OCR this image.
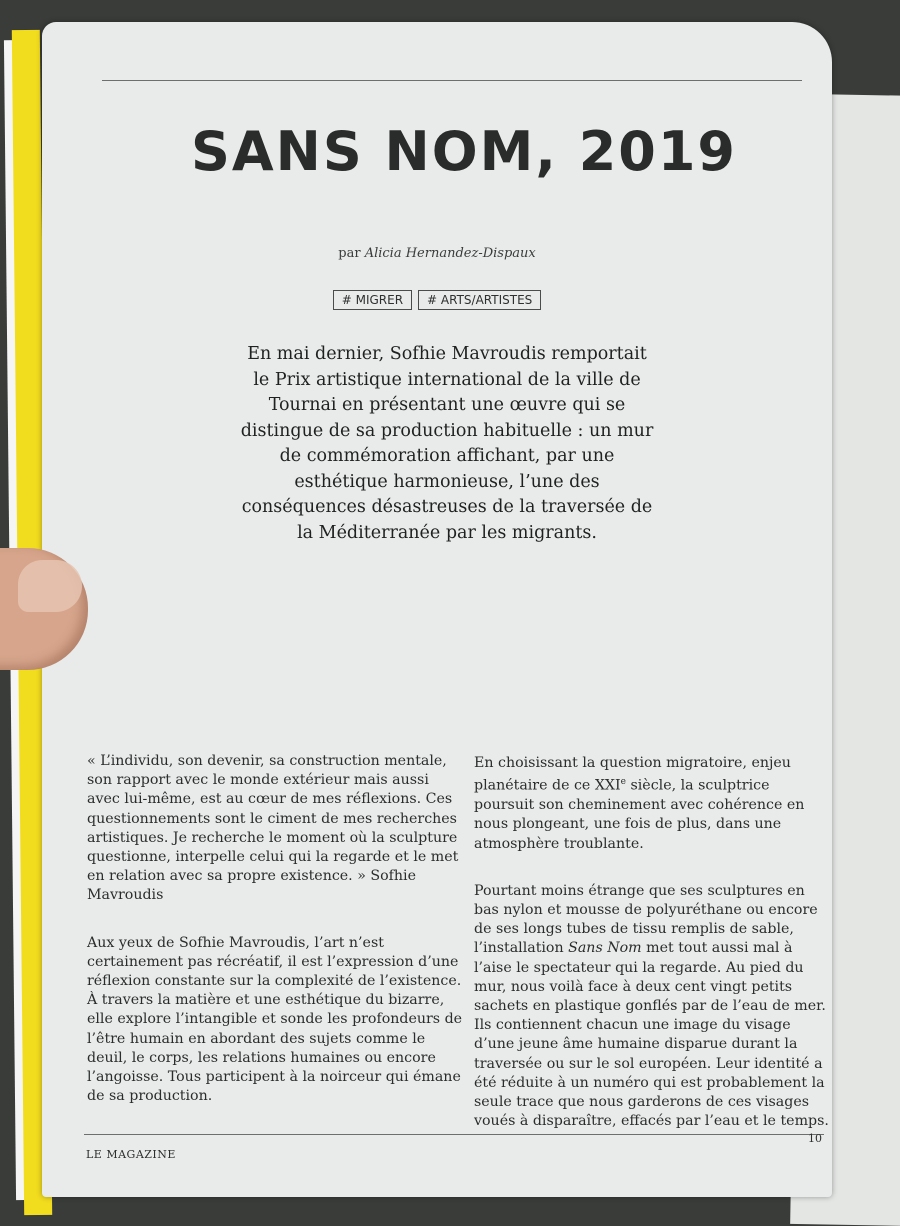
SANS NOM, 2019
par Alicia Hernandez-Dispaux
# MIGRER # ARTS/ARTISTES
En mai dernier, Sofhie Mavroudis remportait le Prix artistique international de la ville de Tournai en présentant une œuvre qui se distingue de sa production habituelle : un mur de commémoration affichant, par une esthétique harmonieuse, l’une des conséquences désastreuses de la traversée de la Méditerranée par les migrants.

« L’individu, son devenir, sa construction mentale, son rapport avec le monde extérieur mais aussi avec lui-même, est au cœur de mes réflexions. Ces questionnements sont le ciment de mes recherches artistiques. Je recherche le moment où la sculpture questionne, interpelle celui qui la regarde et le met en relation avec sa propre existence. » Sofhie Mavroudis

Aux yeux de Sofhie Mavroudis, l’art n’est certainement pas récréatif, il est l’expression d’une réflexion constante sur la complexité de l’existence. À travers la matière et une esthétique du bizarre, elle explore l’intangible et sonde les profondeurs de l’être humain en abordant des sujets comme le deuil, le corps, les relations humaines ou encore l’angoisse. Tous participent à la noirceur qui émane de sa production.

En choisissant la question migratoire, enjeu planétaire de ce XXIe siècle, la sculptrice poursuit son cheminement avec cohérence en nous plongeant, une fois de plus, dans une atmosphère troublante.

Pourtant moins étrange que ses sculptures en bas nylon et mousse de polyuréthane ou encore de ses longs tubes de tissu remplis de sable, l’installation Sans Nom met tout aussi mal à l’aise le spectateur qui la regarde. Au pied du mur, nous voilà face à deux cent vingt petits sachets en plastique gonflés par de l’eau de mer. Ils contiennent chacun une image du visage d’une jeune âme humaine disparue durant la traversée ou sur le sol européen. Leur identité a été réduite à un numéro qui est probablement la seule trace que nous garderons de ces visages voués à disparaître, effacés par l’eau et le temps.

LE MAGAZINE
10
